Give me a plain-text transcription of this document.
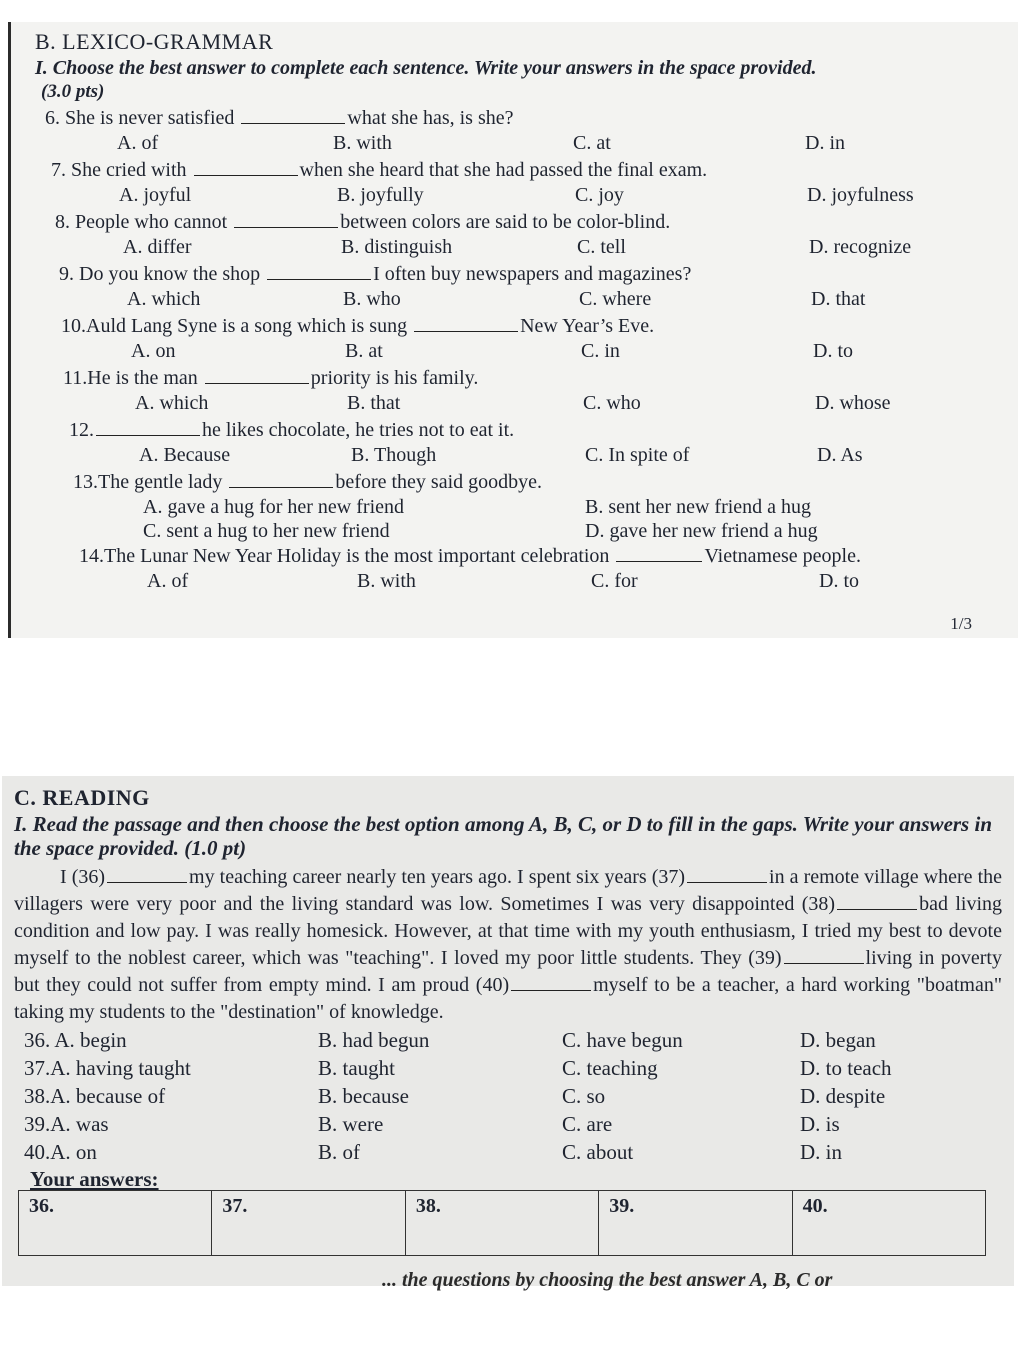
B. LEXICO-GRAMMAR

I. Choose the best answer to complete each sentence. Write your answers in the space provided.

(3.0 pts)

6. She is never satisfied	what she has, is she?

A. of	B. with	C. at	D. in

7. She cried with	when she heard that she had passed the final exam.

A. joyful	B. joyfully	C. joy	D. joyfulness

8. People who cannot	between colors are said to be color-blind.

A. differ	B. distinguish	C. tell	D. recognize

9. Do you know the shop	I often buy newspapers and magazines?

A. which	B. who	C. where	D. that

10.Auld Lang Syne is a song which is sung	New Year’s Eve.

A. on	B. at	C. in	D. to

11.He is the man	priority is his family.

A. which	B. that	C. who	D. whose

12.	he likes chocolate, he tries not to eat it.

A. Because	B. Though	C. In spite of	D. As

13.The gentle lady	before they said goodbye.

A. gave a hug for her new friend	B. sent her new friend a hug
C. sent a hug to her new friend	D. gave her new friend a hug

14.The Lunar New Year Holiday is the most important celebration	Vietnamese people.

A. of	B. with	C. for	D. to
1/3

C. READING

I. Read the passage and then choose the best option among A, B, C, or D to fill in the gaps. Write your answers in the space provided. (1.0 pt)

I (36)	my teaching career nearly ten years ago. I spent six years (37)	in a remote village where the villagers were very poor and the living standard was low. Sometimes I was very disappointed (38)	bad living condition and low pay. I was really homesick. However, at that time with my youth enthusiasm, I tried my best to devote myself to the noblest career, which was "teaching". I loved my poor little students. They (39)	living in poverty but they could not suffer from empty mind. I am proud (40)	myself to be a teacher, a hard working "boatman" taking my students to the "destination" of knowledge.

36. A. begin	B. had begun	C. have begun	D. began
37.A. having taught	B. taught	C. teaching	D. to teach
38.A. because of	B. because	C. so	D. despite
39.A. was	B. were	C. are	D. is
40.A. on	B. of	C. about	D. in
Your answers:
36.	37.	38.	39.	40.
... the questions by choosing the best answer A, B, C or
